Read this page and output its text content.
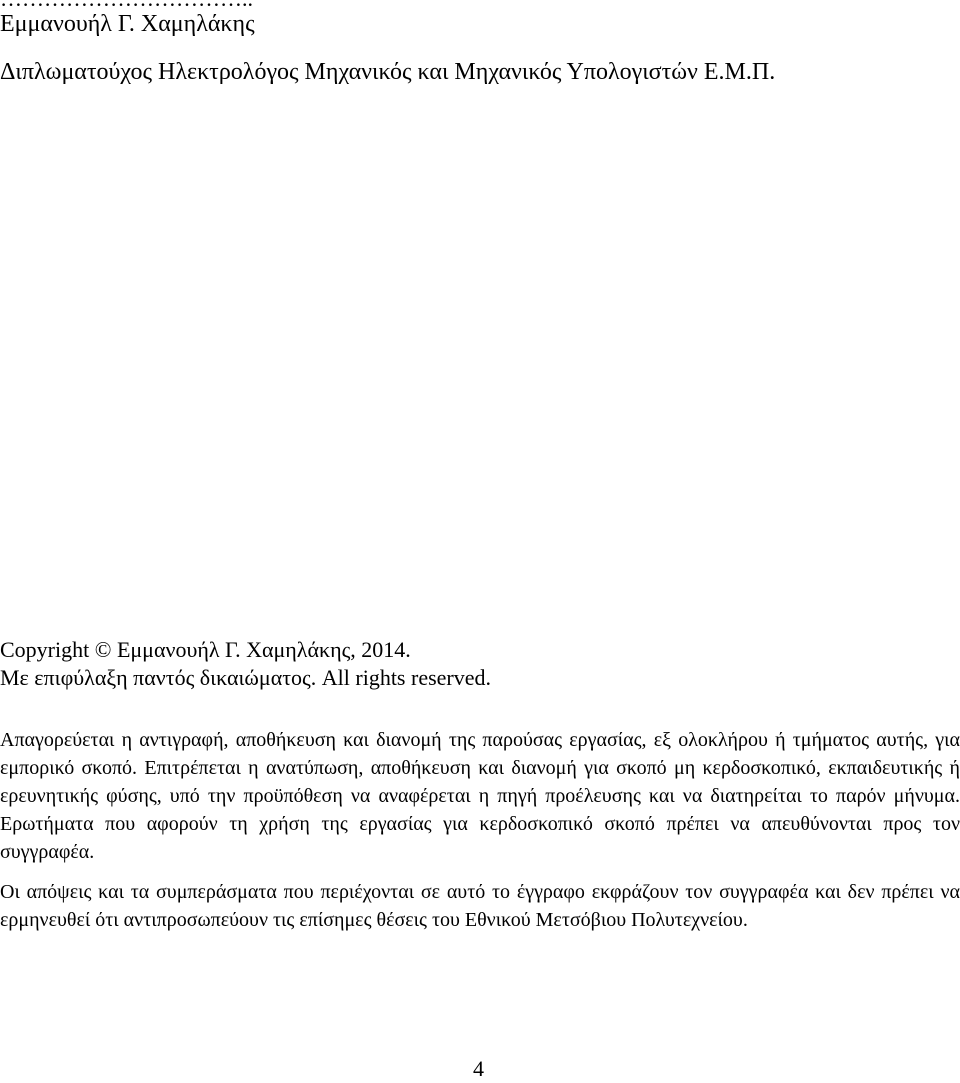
Εμμανουήλ Γ. Χαμηλάκης
Διπλωματούχος Ηλεκτρολόγος Μηχανικός και Μηχανικός Υπολογιστών Ε.Μ.Π.
Copyright © Εμμανουήλ Γ. Χαμηλάκης, 2014.
Με επιφύλαξη παντός δικαιώματος. All rights reserved.

Απαγορεύεται η αντιγραφή, αποθήκευση και διανομή της παρούσας εργασίας, εξ ολοκλήρου ή τμήματος αυτής, για εμπορικό σκοπό. Επιτρέπεται η ανατύπωση, αποθήκευση και διανομή για σκοπό μη κερδοσκοπικό, εκπαιδευτικής ή ερευνητικής φύσης, υπό την προϋπόθεση να αναφέρεται η πηγή προέλευσης και να διατηρείται το παρόν μήνυμα. Ερωτήματα που αφορούν τη χρήση της εργασίας για κερδοσκοπικό σκοπό πρέπει να απευθύνονται προς τον συγγραφέα.

Οι απόψεις και τα συμπεράσματα που περιέχονται σε αυτό το έγγραφο εκφράζουν τον συγγραφέα και δεν πρέπει να ερμηνευθεί ότι αντιπροσωπεύουν τις επίσημες θέσεις του Εθνικού Μετσόβιου Πολυτεχνείου.

4
